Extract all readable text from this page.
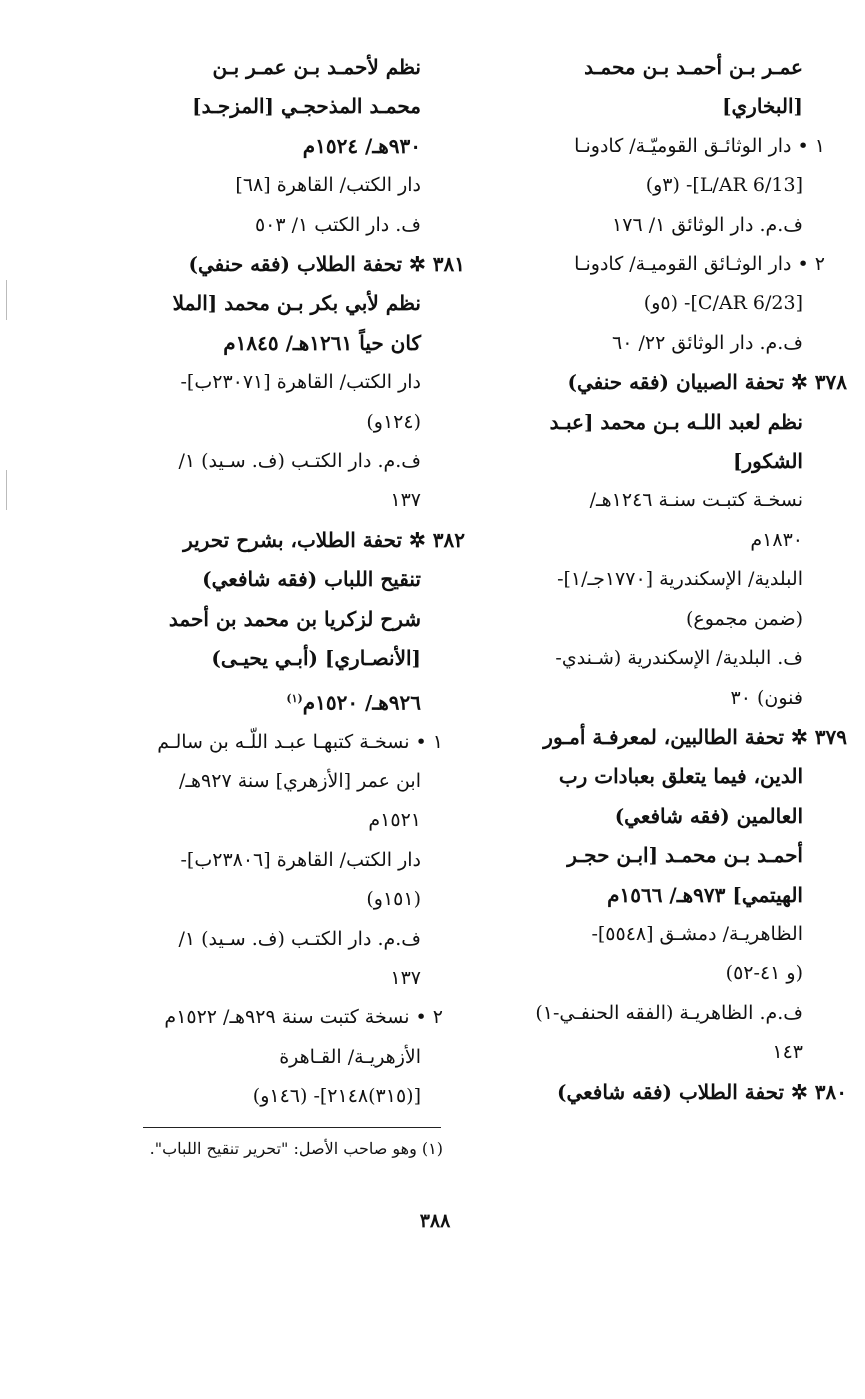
عمـر بـن أحمـد بـن محمـد
[البخاري]
١ • دار الوثائـق القوميّـة/ كادونـا
[L/AR 6/13]- (٣و)
ف.م. دار الوثائق ١/ ١٧٦
٢ • دار الوثـائق القوميـة/ كادونـا
[C/AR 6/23]- (٥و)
ف.م. دار الوثائق ٢٢/ ٦٠
٣٧٨ ✲ تحفة الصبيان (فقه حنفي)
نظم لعبد اللـه بـن محمد [عبـد
الشكور]
نسخـة كتبـت سنـة ١٢٤٦هـ/
١٨٣٠م
البلدية/ الإسكندرية [١٧٧٠جـ/١]-
(ضمن مجموع)
ف. البلدية/ الإسكندرية (شـندي-
فنون) ٣٠
٣٧٩ ✲ تحفة الطالبين، لمعرفـة أمـور
الدين، فيما يتعلق بعبادات رب
العالمين (فقه شافعي)
أحمـد بـن محمـد [ابـن حجـر
الهيتمي] ٩٧٣هـ/ ١٥٦٦م
الظاهريـة/ دمشـق [٥٥٤٨]-
(و ٤١-٥٢)
ف.م. الظاهريـة (الفقه الحنفـي-١)
١٤٣
٣٨٠ ✲ تحفة الطلاب (فقه شافعي)
نظم لأحمـد بـن عمـر بـن
محمـد المذحجـي [المزجـد]
٩٣٠هـ/ ١٥٢٤م
دار الكتب/ القاهرة [٦٨]
ف. دار الكتب ١/ ٥٠٣
٣٨١ ✲ تحفة الطلاب (فقه حنفي)
نظم لأبي بكر بـن محمد [الملا
كان حياً ١٢٦١هـ/ ١٨٤٥م
دار الكتب/ القاهرة [٢٣٠٧١ب]-
(١٢٤و)
ف.م. دار الكتـب (ف. سـيد) ١/
١٣٧
٣٨٢ ✲ تحفة الطلاب، بشرح تحرير
تنقيح اللباب (فقه شافعي)
شرح لزكريا بن محمد بن أحمد
[الأنصـاري] (أبـي يحيـى)
٩٢٦هـ/ ١٥٢٠م$^{(١)}$
١ • نسخـة كتبهـا عبـد اللّـه بن سالـم
ابن عمر [الأزهري] سنة ٩٢٧هـ/
١٥٢١م
دار الكتب/ القاهرة [٢٣٨٠٦ب]-
(١٥١و)
ف.م. دار الكتـب (ف. سـيد) ١/
١٣٧
٢ • نسخة كتبت سنة ٩٢٩هـ/ ١٥٢٢م
الأزهريـة/ القـاهرة
[(٣١٥)٢١٤٨]- (١٤٦و)
(١) وهو صاحب الأصل: "تحرير تنقيح اللباب".
٣٨٨
